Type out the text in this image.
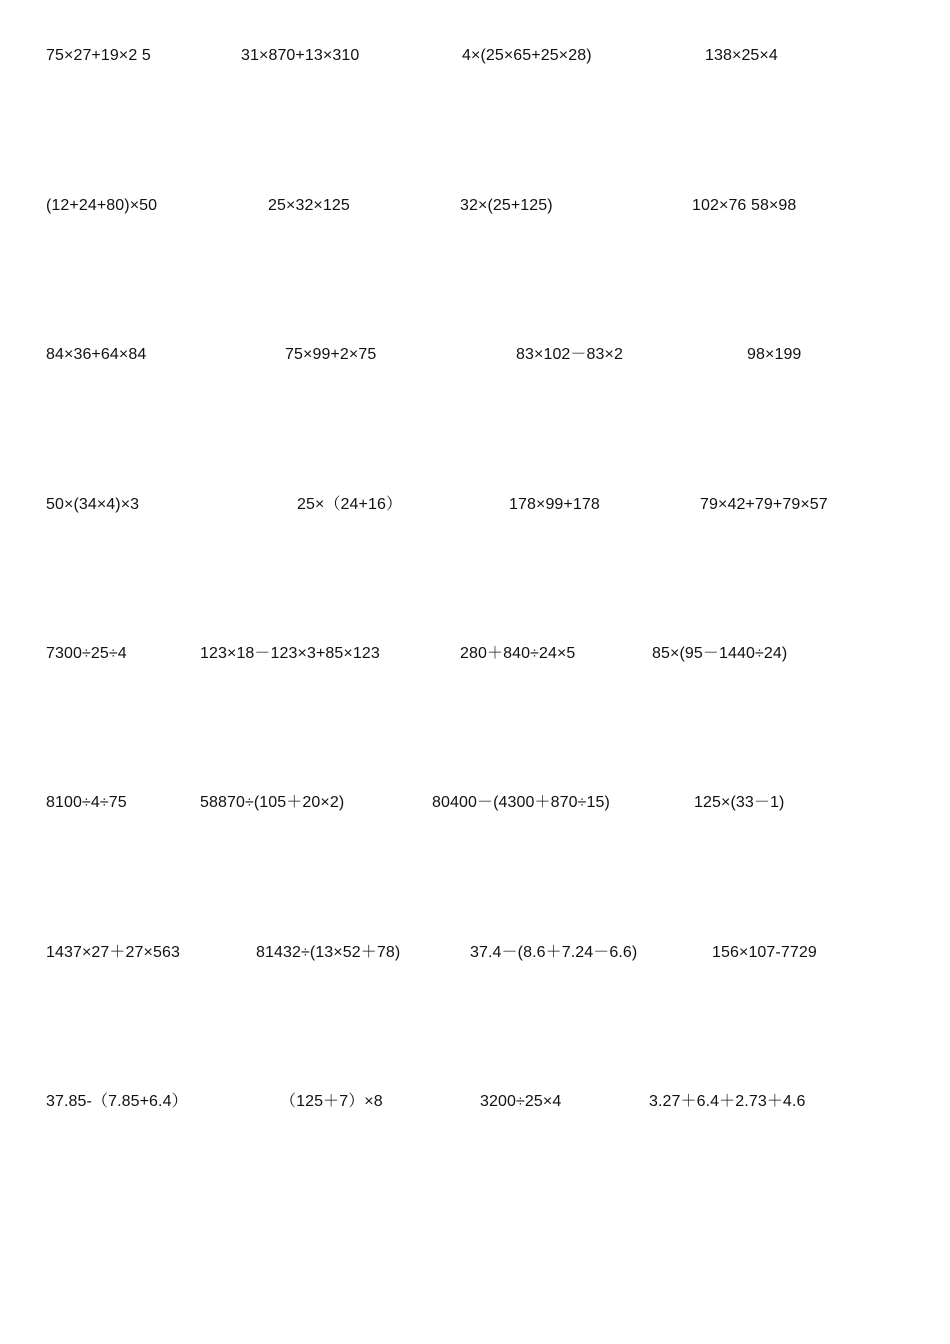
75×27+19×2 5	31×870+13×310	4×(25×65+25×28)	138×25×4
(12+24+80)×50	25×32×125	32×(25+125)	102×76 58×98
84×36+64×84	75×99+2×75	83×102－83×2	98×199
50×(34×4)×3	25×（24+16）	178×99+178	79×42+79+79×57
7300÷25÷4	123×18－123×3+85×123	280＋840÷24×5	85×(95－1440÷24)
8100÷4÷75	58870÷(105＋20×2)	80400－(4300＋870÷15)	125×(33－1)
1437×27＋27×563	81432÷(13×52＋78)	37.4－(8.6＋7.24－6.6)	156×107-7729
37.85-（7.85+6.4）	（125＋7）×8	3200÷25×4	3.27＋6.4＋2.73＋4.6
